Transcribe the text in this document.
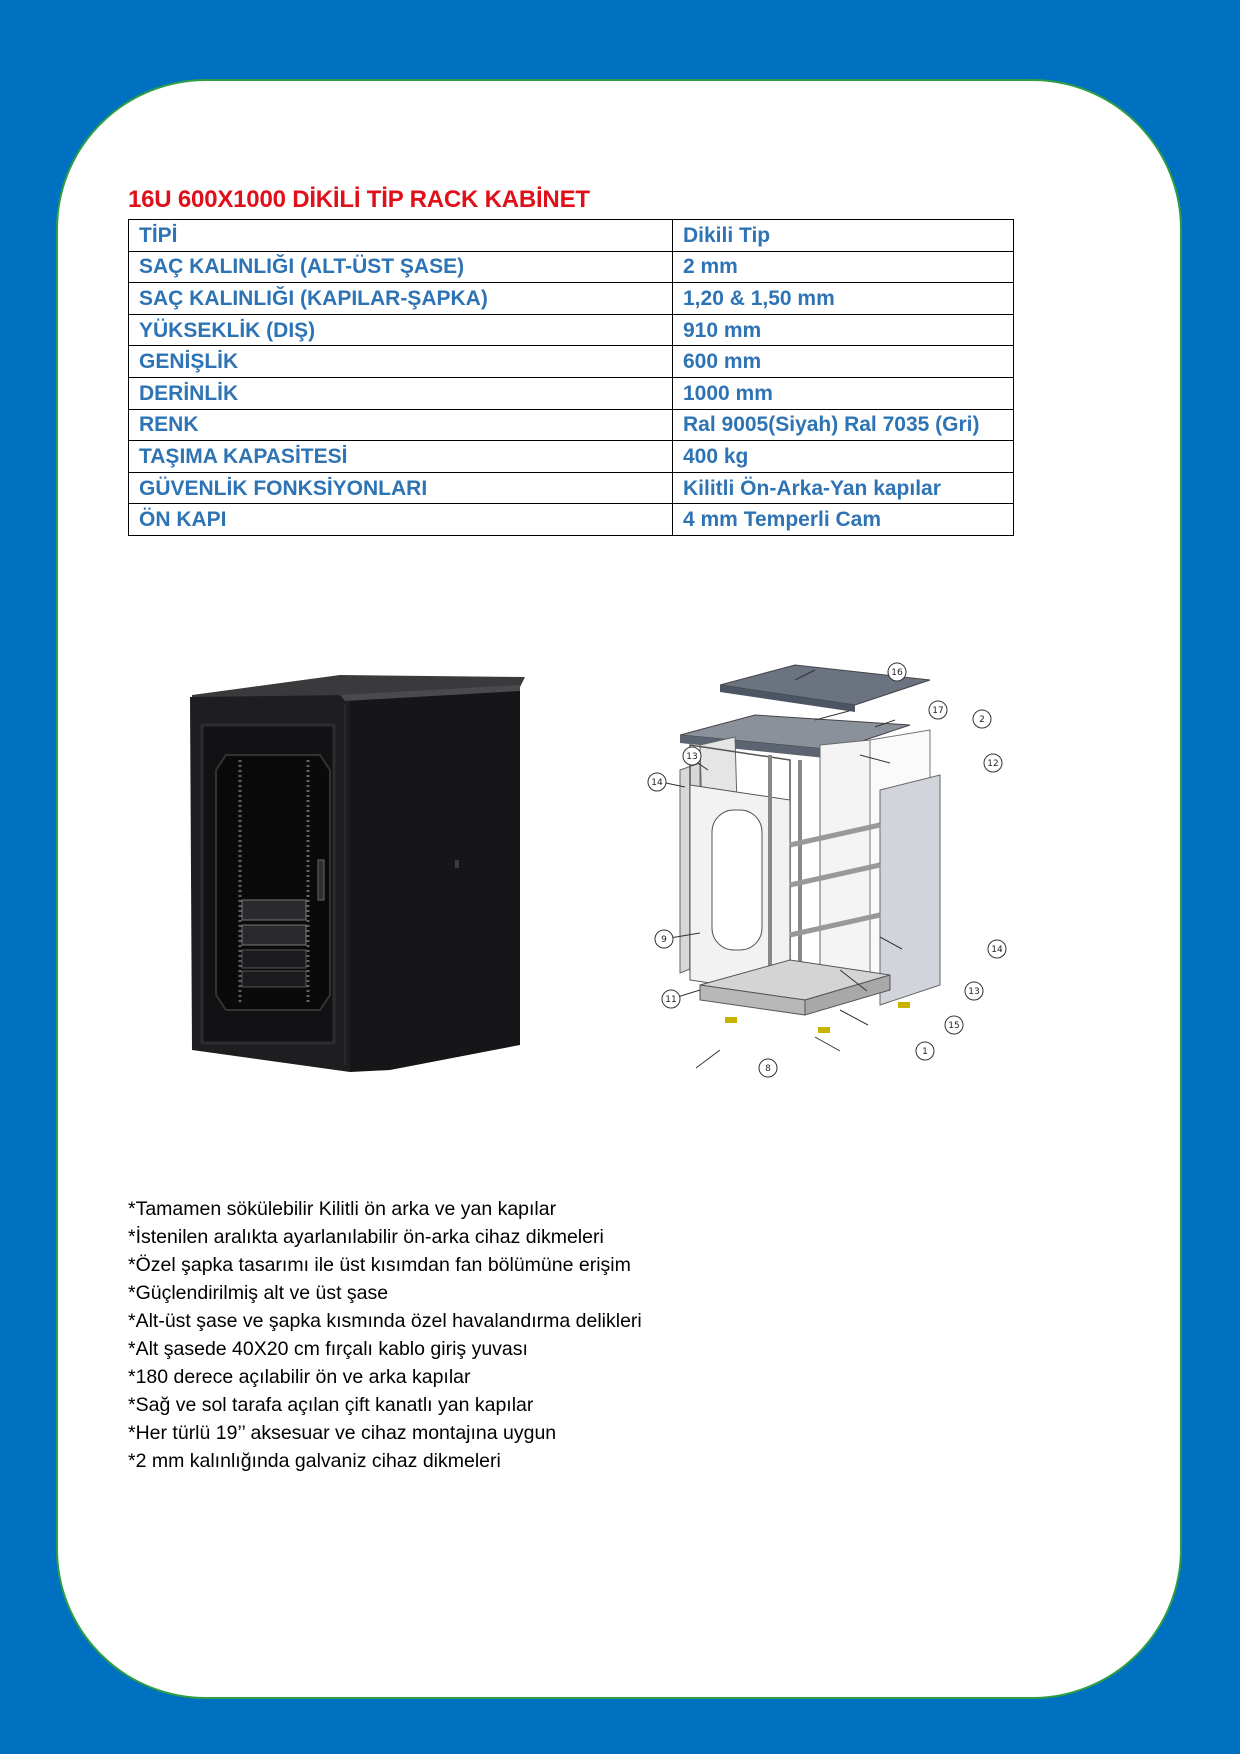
16U 600X1000 DİKİLİ TİP RACK KABİNET
TİPİ	Dikili Tip
SAÇ KALINLIĞI (ALT-ÜST ŞASE)	2 mm
SAÇ KALINLIĞI (KAPILAR-ŞAPKA)	1,20 & 1,50 mm
YÜKSEKLİK (DIŞ)	910 mm
GENİŞLİK	600 mm
DERİNLİK	1000 mm
RENK	Ral 9005(Siyah) Ral 7035 (Gri)
TAŞIMA KAPASİTESİ	400 kg
GÜVENLİK FONKSİYONLARI	Kilitli Ön-Arka-Yan kapılar
ÖN KAPI	4 mm Temperli Cam
16
17
2
12
13
14
9
11
14
13
15
1
8
*Tamamen sökülebilir Kilitli ön arka ve yan kapılar
*İstenilen aralıkta ayarlanılabilir ön-arka cihaz dikmeleri
*Özel şapka tasarımı ile üst kısımdan fan bölümüne erişim
*Güçlendirilmiş alt ve üst şase
*Alt-üst şase ve şapka kısmında özel havalandırma delikleri
*Alt şasede 40X20 cm fırçalı kablo giriş yuvası
*180 derece açılabilir ön ve arka kapılar
*Sağ ve sol tarafa açılan çift kanatlı yan kapılar
*Her türlü 19’’ aksesuar ve cihaz montajına uygun
*2 mm kalınlığında galvaniz cihaz dikmeleri
